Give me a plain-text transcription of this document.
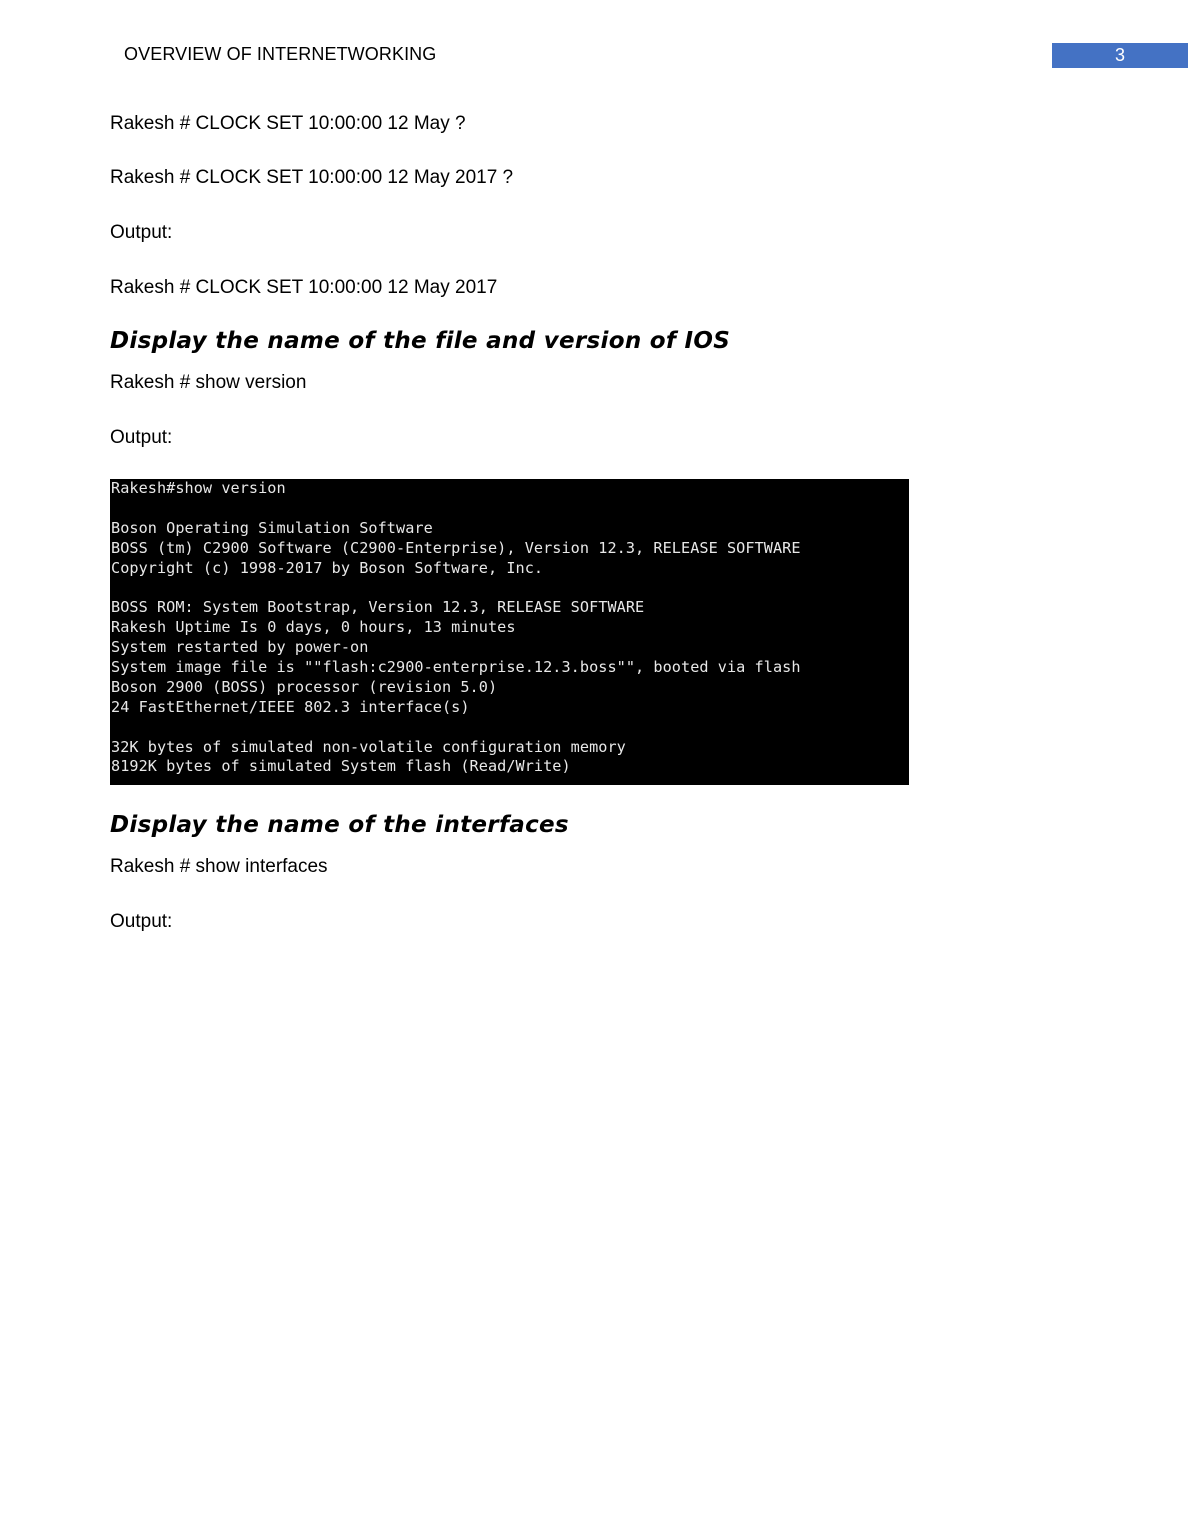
OVERVIEW OF INTERNETWORKING	3
Rakesh # CLOCK SET 10:00:00 12 May ?
Rakesh # CLOCK SET 10:00:00 12 May 2017 ?
Output:
Rakesh # CLOCK SET 10:00:00 12 May 2017
Display the name of the file and version of IOS
Rakesh # show version
Output:
Rakesh#show version
Boson Operating Simulation Software
BOSS (tm) C2900 Software (C2900-Enterprise), Version 12.3, RELEASE SOFTWARE
Copyright (c) 1998-2017 by Boson Software, Inc.
BOSS ROM: System Bootstrap, Version 12.3, RELEASE SOFTWARE
Rakesh Uptime Is 0 days, 0 hours, 13 minutes
System restarted by power-on
System image file is ""flash:c2900-enterprise.12.3.boss"", booted via flash
Boson 2900 (BOSS) processor (revision 5.0)
24 FastEthernet/IEEE 802.3 interface(s)
32K bytes of simulated non-volatile configuration memory
8192K bytes of simulated System flash (Read/Write)
Display the name of the interfaces
Rakesh # show interfaces
Output:
